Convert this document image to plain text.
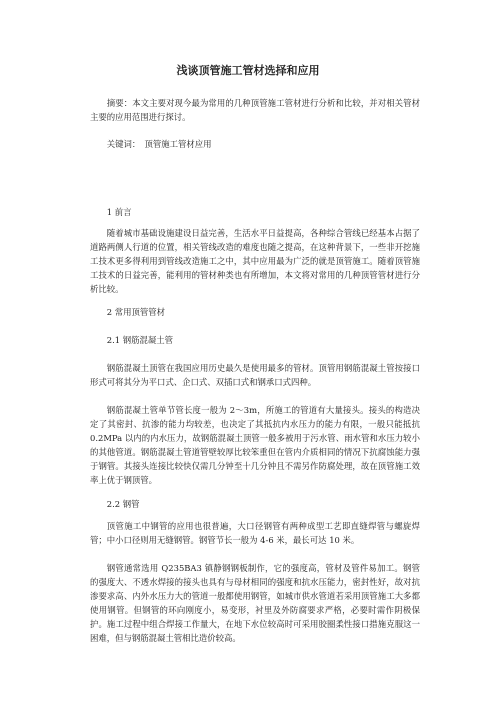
浅谈顶管施工管材选择和应用
摘要：本文主要对现今最为常用的几种顶管施工管材进行分析和比较，并对相关管材主要的应用范围进行探讨。
关键词：　顶管施工管材应用
1 前言
随着城市基础设施建设日益完善，生活水平日益提高，各种综合管线已经基本占据了道路两侧人行道的位置，相关管线改造的难度也随之提高，在这种背景下，一些非开挖施工技术更多得利用到管线改造施工之中，其中应用最为广泛的就是顶管施工。随着顶管施工技术的日益完善，能利用的管材种类也有所增加，本文将对常用的几种顶管管材进行分析比较。
2 常用顶管管材
2.1 钢筋混凝土管
钢筋混凝土顶管在我国应用历史最久是使用最多的管材。顶管用钢筋混凝土管按接口形式可将其分为平口式、企口式、双插口式和钢承口式四种。
钢筋混凝土管单节管长度一般为 2～3m，所施工的管道有大量接头。接头的构造决定了其密封、抗渗的能力均较差，也决定了其抵抗内水压力的能力有限，一般只能抵抗 0.2MPa 以内的内水压力，故钢筋混凝土顶管一般多被用于污水管、雨水管和水压力较小的其他管道。钢筋混凝土管道管壁较厚比较笨重但在管内介质相同的情况下抗腐蚀能力强于钢管。其接头连接比较快仅需几分钟至十几分钟且不需另作防腐处理，故在顶管施工效率上优于钢顶管。
2.2 钢管
顶管施工中钢管的应用也很普遍，大口径钢管有两种成型工艺即直缝焊管与螺旋焊管；中小口径则用无缝钢管。钢管节长一般为 4-6 米，最长可达 10 米。
钢管通常选用 Q235BA3 镇静钢钢板制作，它的强度高，管材及管件易加工。钢管的强度大、不透水焊接的接头也具有与母材相同的强度和抗水压能力，密封性好，故对抗渗要求高、内外水压力大的管道一般都使用钢管，如城市供水管道若采用顶管施工大多都使用钢管。但钢管的环向刚度小，易变形，衬里及外防腐要求严格，必要时需作阴极保护。施工过程中组合焊接工作量大，在地下水位较高时可采用胶圈柔性接口措施克服这一困难，但与钢筋混凝土管相比造价较高。
